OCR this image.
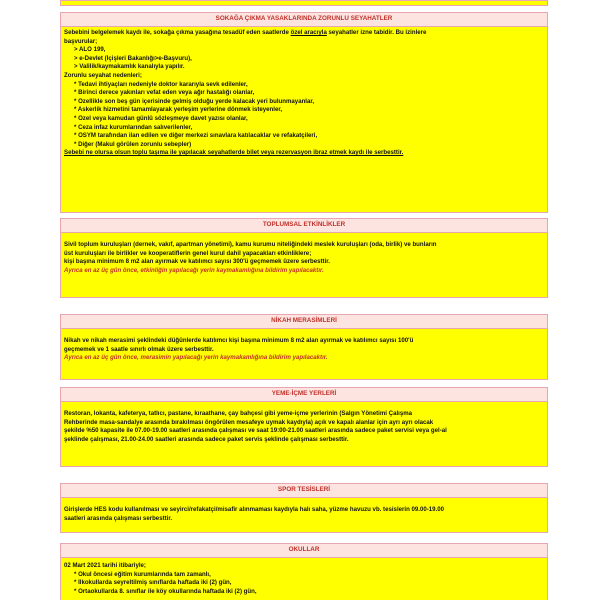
SOKAĞA ÇIKMA YASAKLARINDA ZORUNLU SEYAHATLER
Sebebini belgelemek kaydı ile, sokağa çıkma yasağına tesadüf eden saatlerde özel aracıyla seyahatler izne tabidir. Bu izinlere
başvurular;
> ALO 199,
> e-Devlet (İçişleri Bakanlığı>e-Başvuru),
> Valilik/kaymakamlık kanalıyla yapılır.
Zorunlu seyahat nedenleri;
* Tedavi ihtiyaçları nedeniyle doktor kararıyla sevk edilenler,
* Birinci derece yakınları vefat eden veya ağır hastalığı olanlar,
* Özellikle son beş gün içerisinde gelmiş olduğu yerde kalacak yeri bulunmayanlar,
* Askerlik hizmetini tamamlayarak yerleşim yerlerine dönmek isteyenler,
* Özel veya kamudan günlü sözleşmeye davet yazısı olanlar,
* Ceza infaz kurumlarından salıverilenler,
* ÖSYM tarafından ilan edilen ve diğer merkezi sınavlara katılacaklar ve refakatçileri,
* Diğer (Makul görülen zorunlu sebepler)
Sebebi ne olursa olsun toplu taşıma ile yapılacak seyahatlerde bilet veya rezervasyon ibraz etmek kaydı ile serbesttir.
TOPLUMSAL ETKİNLİKLER
Sivil toplum kuruluşları (dernek, vakıf, apartman yönetimi), kamu kurumu niteliğindeki meslek kuruluşları (oda, birlik) ve bunların
üst kuruluşları ile birlikler ve kooperatiflerin genel kurul dahil yapacakları etkinliklere;
kişi başına minimum 8 m2 alan ayırmak ve katılımcı sayısı 300'ü geçmemek üzere serbesttir.
Ayrıca en az üç gün önce, etkinliğin yapılacağı yerin kaymakamlığına bildirim yapılacaktır.
NİKAH MERASİMLERİ
Nikah ve nikah merasimi şeklindeki düğünlerde katılımcı kişi başına minimum 8 m2 alan ayırmak ve katılımcı sayısı 100'ü
geçmemek ve 1 saatle sınırlı olmak üzere serbesttir.
Ayrıca en az üç gün önce, merasimin yapılacağı yerin kaymakamlığına bildirim yapılacaktır.
YEME-İÇME YERLERİ
Restoran, lokanta, kafeterya, tatlıcı, pastane, kıraathane, çay bahçesi gibi yeme-içme yerlerinin (Salgın Yönetimi Çalışma
Rehberinde masa-sandalye arasında bırakılması öngörülen mesafeye uymak kaydıyla) açık ve kapalı alanlar için ayrı ayrı olacak
şekilde %50 kapasite ile 07.00-19.00 saatleri arasında çalışması ve saat 19:00-21.00 saatleri arasında sadece paket servisi veya gel-al
şeklinde çalışması, 21.00-24.00 saatleri arasında sadece paket servis şeklinde çalışması serbesttir.
SPOR TESİSLERİ
Girişlerde HES kodu kullanılması ve seyirci/refakatçi/misafir alınmaması kaydıyla halı saha, yüzme havuzu vb. tesislerin 09.00-19.00
saatleri arasında çalışması serbesttir.
OKULLAR
02 Mart 2021 tarihi itibariyle;
* Okul öncesi eğitim kurumlarında tam zamanlı,
* İlkokullarda seyreltilmiş sınıflarda haftada iki (2) gün,
* Ortaokullarda 8. sınıflar ile köy okullarında haftada iki (2) gün,
